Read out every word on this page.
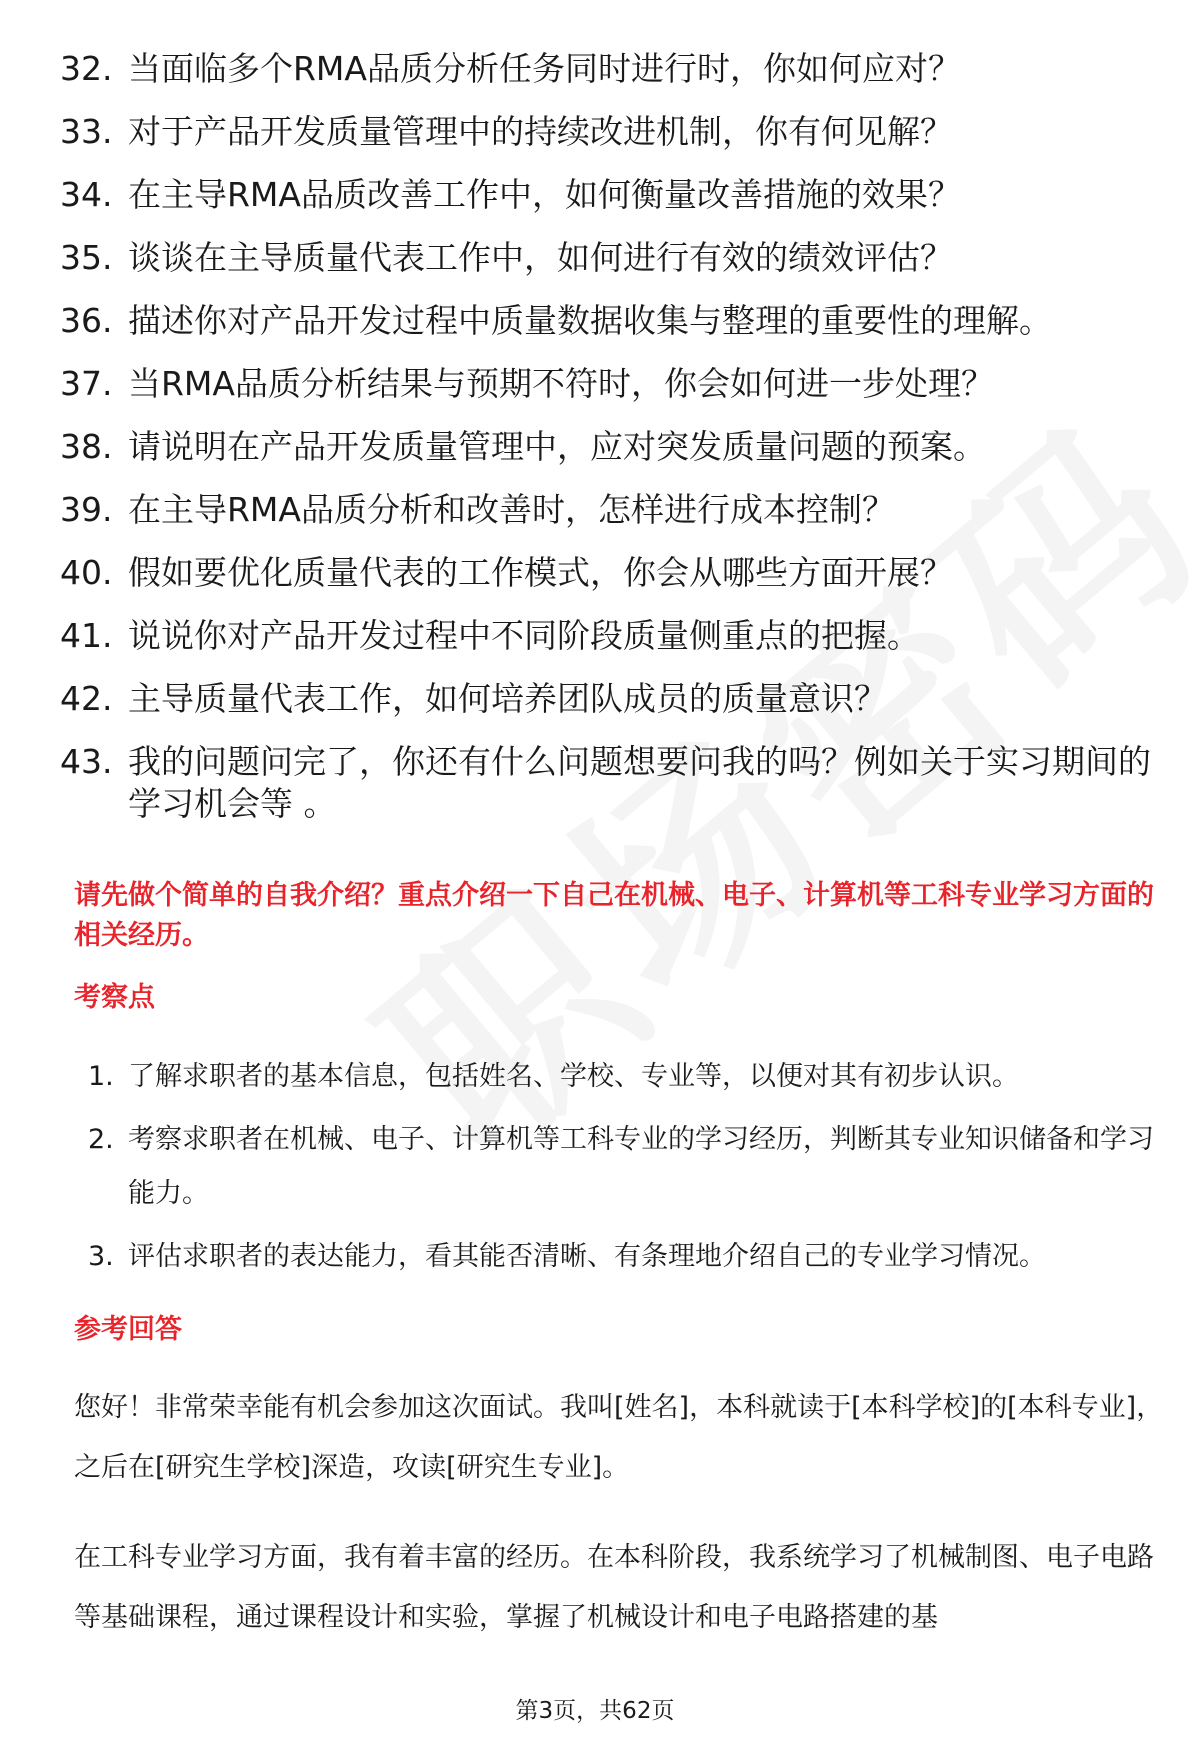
32. 当面临多个RMA品质分析任务同时进行时，你如何应对？
33. 对于产品开发质量管理中的持续改进机制，你有何见解？
34. 在主导RMA品质改善工作中，如何衡量改善措施的效果？
35. 谈谈在主导质量代表工作中，如何进行有效的绩效评估？
36. 描述你对产品开发过程中质量数据收集与整理的重要性的理解。
37. 当RMA品质分析结果与预期不符时，你会如何进一步处理？
38. 请说明在产品开发质量管理中，应对突发质量问题的预案。
39. 在主导RMA品质分析和改善时，怎样进行成本控制？
40. 假如要优化质量代表的工作模式，你会从哪些方面开展？
41. 说说你对产品开发过程中不同阶段质量侧重点的把握。
42. 主导质量代表工作，如何培养团队成员的质量意识？
43. 我的问题问完了，你还有什么问题想要问我的吗？例如关于实习期间的学习机会等 。

请先做个简单的自我介绍？重点介绍一下自己在机械、电子、计算机等工科专业学习方面的相关经历。

考察点

1. 了解求职者的基本信息，包括姓名、学校、专业等，以便对其有初步认识。
2. 考察求职者在机械、电子、计算机等工科专业的学习经历，判断其专业知识储备和学习能力。
3. 评估求职者的表达能力，看其能否清晰、有条理地介绍自己的专业学习情况。

参考回答

您好！非常荣幸能有机会参加这次面试。我叫[姓名]，本科就读于[本科学校]的[本科专业]，之后在[研究生学校]深造，攻读[研究生专业]。

在工科专业学习方面，我有着丰富的经历。在本科阶段，我系统学习了机械制图、电子电路等基础课程，通过课程设计和实验，掌握了机械设计和电子电路搭建的基

第3页，共62页
